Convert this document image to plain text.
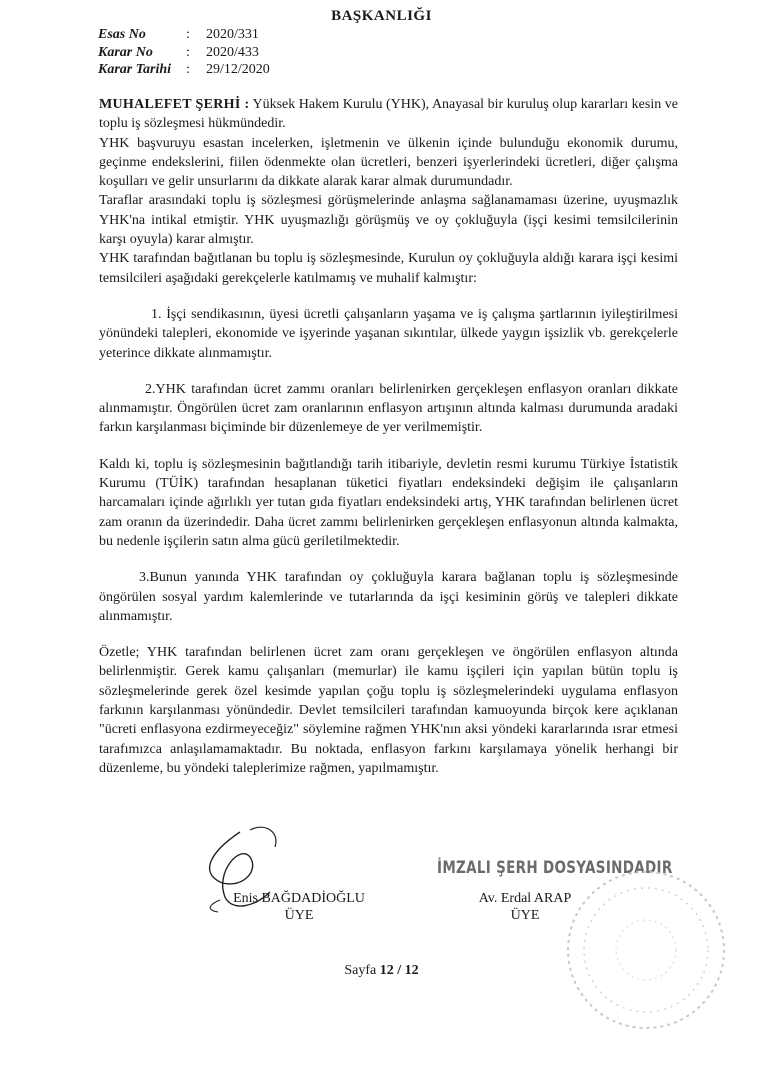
BAŞKANLIĞI
Esas No	:	2020/331
Karar No	:	2020/433
Karar Tarihi	:	29/12/2020

MUHALEFET ŞERHİ : Yüksek Hakem Kurulu (YHK), Anayasal bir kuruluş olup kararları kesin ve toplu iş sözleşmesi hükmündedir.

YHK başvuruyu esastan incelerken, işletmenin ve ülkenin içinde bulunduğu ekonomik durumu, geçinme endekslerini, fiilen ödenmekte olan ücretleri, benzeri işyerlerindeki ücretleri, diğer çalışma koşulları ve gelir unsurlarını da dikkate alarak karar almak durumundadır.

Taraflar arasındaki toplu iş sözleşmesi görüşmelerinde anlaşma sağlanamaması üzerine, uyuşmazlık YHK'na intikal etmiştir. YHK uyuşmazlığı görüşmüş ve oy çokluğuyla (işçi kesimi temsilcilerinin karşı oyuyla) karar almıştır.

YHK tarafından bağıtlanan bu toplu iş sözleşmesinde, Kurulun oy çokluğuyla aldığı karara işçi kesimi temsilcileri aşağıdaki gerekçelerle katılmamış ve muhalif kalmıştır:

1. İşçi sendikasının, üyesi ücretli çalışanların yaşama ve iş çalışma şartlarının iyileştirilmesi yönündeki talepleri, ekonomide ve işyerinde yaşanan sıkıntılar, ülkede yaygın işsizlik vb. gerekçelerle yeterince dikkate alınmamıştır.

2.YHK tarafından ücret zammı oranları belirlenirken gerçekleşen enflasyon oranları dikkate alınmamıştır. Öngörülen ücret zam oranlarının enflasyon artışının altında kalması durumunda aradaki farkın karşılanması biçiminde bir düzenlemeye de yer verilmemiştir.

Kaldı ki, toplu iş sözleşmesinin bağıtlandığı tarih itibariyle, devletin resmi kurumu Türkiye İstatistik Kurumu (TÜİK) tarafından hesaplanan tüketici fiyatları endeksindeki değişim ile çalışanların harcamaları içinde ağırlıklı yer tutan gıda fiyatları endeksindeki artış, YHK tarafından belirlenen ücret zam oranın da üzerindedir. Daha ücret zammı belirlenirken gerçekleşen enflasyonun altında kalmakta, bu nedenle işçilerin satın alma gücü geriletilmektedir.

3.Bunun yanında YHK tarafından oy çokluğuyla karara bağlanan toplu iş sözleşmesinde öngörülen sosyal yardım kalemlerinde ve tutarlarında da işçi kesiminin görüş ve talepleri dikkate alınmamıştır.

Özetle; YHK tarafından belirlenen ücret zam oranı gerçekleşen ve öngörülen enflasyon altında belirlenmiştir. Gerek kamu çalışanları (memurlar) ile kamu işçileri için yapılan bütün toplu iş sözleşmelerinde gerek özel kesimde yapılan çoğu toplu iş sözleşmelerindeki uygulama enflasyon farkının karşılanması yönündedir. Devlet temsilcileri tarafından kamuoyunda birçok kere açıklanan "ücreti enflasyona ezdirmeyeceğiz" söylemine rağmen YHK'nın aksi yöndeki kararlarında ısrar etmesi tarafımızca anlaşılamamaktadır. Bu noktada, enflasyon farkını karşılamaya yönelik herhangi bir düzenleme, bu yöndeki taleplerimize rağmen, yapılmamıştır.

İMZALI ŞERH DOSYASINDADIR
Enis BAĞDADİOĞLU
ÜYE
Av. Erdal ARAP
ÜYE
Sayfa 12 / 12
